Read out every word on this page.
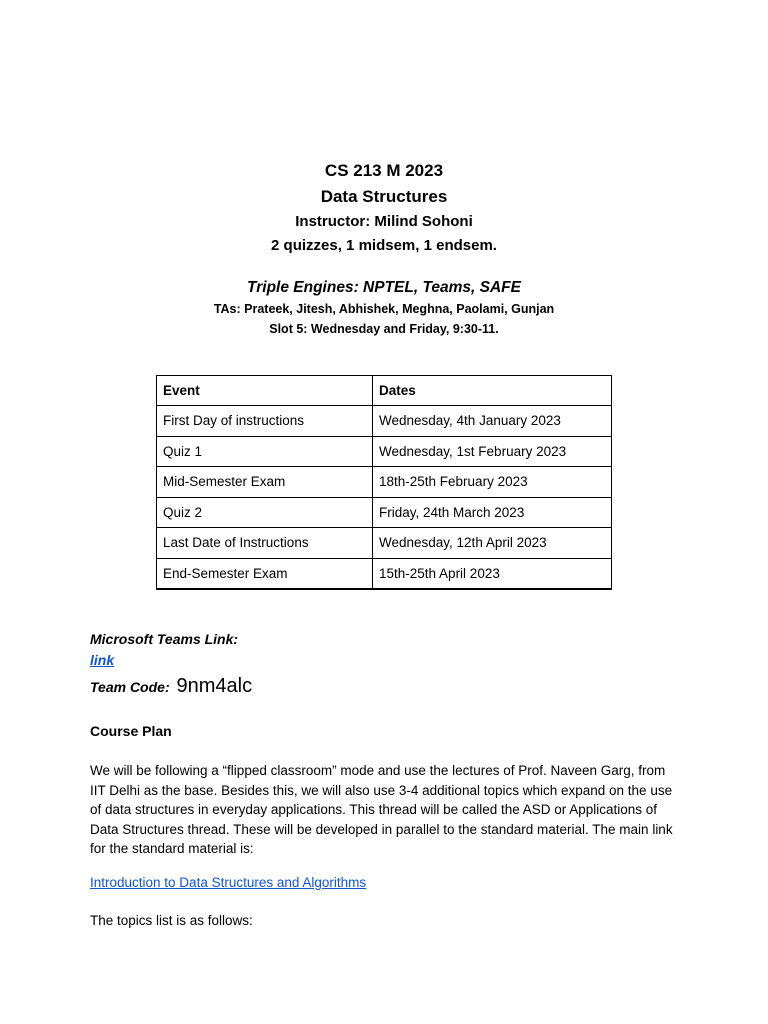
CS 213 M 2023
Data Structures
Instructor: Milind Sohoni
2 quizzes, 1 midsem, 1 endsem.
Triple Engines: NPTEL, Teams, SAFE
TAs: Prateek, Jitesh, Abhishek, Meghna, Paolami, Gunjan
Slot 5: Wednesday and Friday, 9:30-11.
Event	Dates
First Day of instructions	Wednesday, 4th January 2023
Quiz 1	Wednesday, 1st February 2023
Mid-Semester Exam	18th-25th February 2023
Quiz 2	Friday, 24th March 2023
Last Date of Instructions	Wednesday, 12th April 2023
End-Semester Exam	15th-25th April 2023
Microsoft Teams Link:
link
Team Code: 9nm4alc
Course Plan
We will be following a “flipped classroom” mode and use the lectures of Prof. Naveen Garg, from IIT Delhi as the base. Besides this, we will also use 3-4 additional topics which expand on the use of data structures in everyday applications. This thread will be called the ASD or Applications of Data Structures thread. These will be developed in parallel to the standard material. The main link for the standard material is:
Introduction to Data Structures and Algorithms
The topics list is as follows:
